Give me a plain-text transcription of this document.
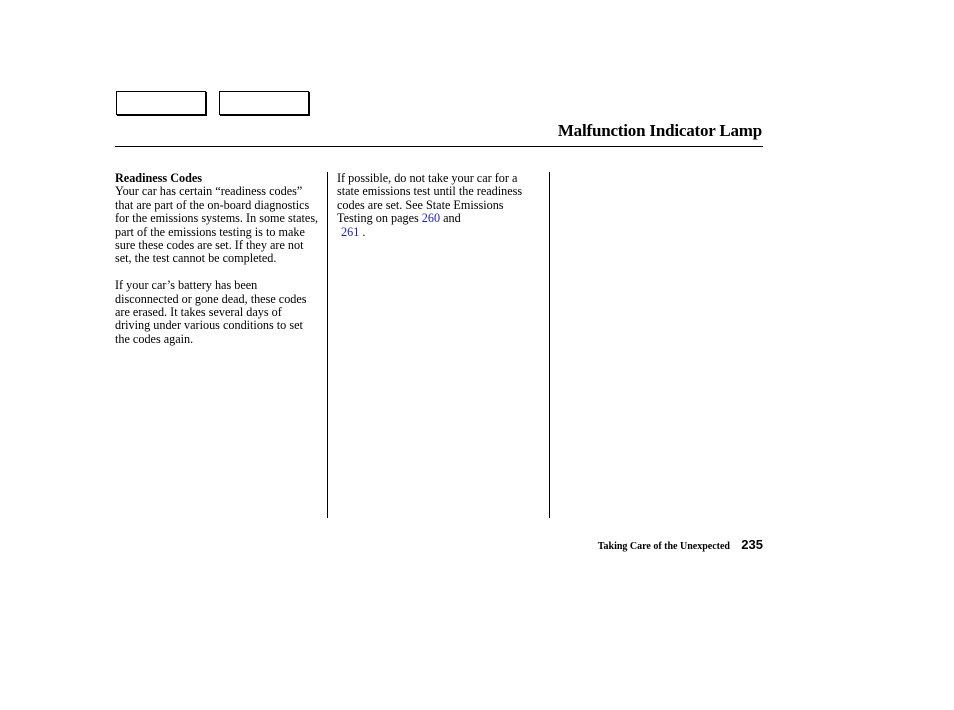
Malfunction Indicator Lamp

Readiness Codes

Your car has certain “readiness codes” that are part of the on-board diagnostics for the emissions systems. In some states, part of the emissions testing is to make sure these codes are set. If they are not set, the test cannot be completed.

If your car’s battery has been disconnected or gone dead, these codes are erased. It takes several days of driving under various conditions to set the codes again.

If possible, do not take your car for a state emissions test until the readiness codes are set. See State Emissions Testing on pages 260 and
261 .

Taking Care of the Unexpected 235
